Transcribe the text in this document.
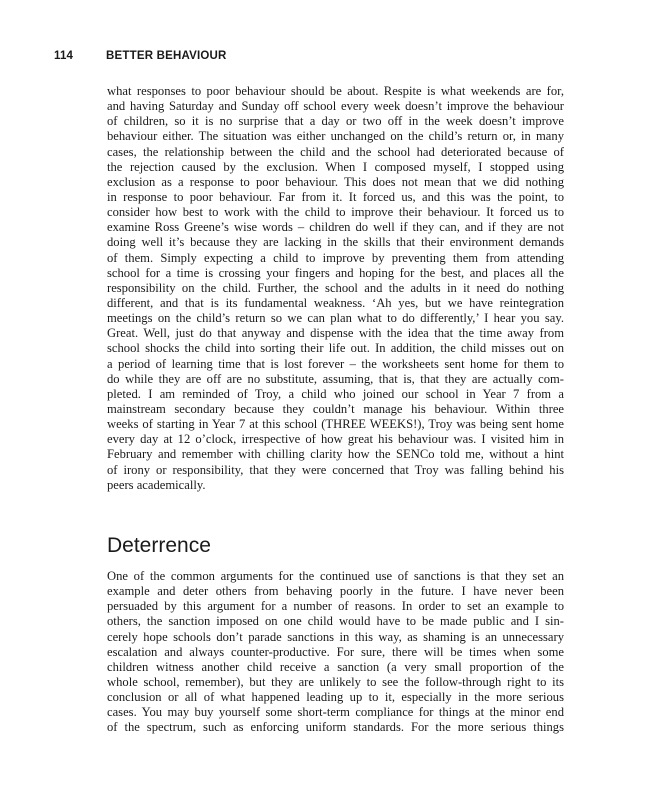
114	BETTER BEHAVIOUR
what responses to poor behaviour should be about. Respite is what weekends are for,
and having Saturday and Sunday off school every week doesn’t improve the behaviour
of children, so it is no surprise that a day or two off in the week doesn’t improve
behaviour either. The situation was either unchanged on the child’s return or, in many
cases, the relationship between the child and the school had deteriorated because of
the rejection caused by the exclusion. When I composed myself, I stopped using
exclusion as a response to poor behaviour. This does not mean that we did nothing
in response to poor behaviour. Far from it. It forced us, and this was the point, to
consider how best to work with the child to improve their behaviour. It forced us to
examine Ross Greene’s wise words – children do well if they can, and if they are not
doing well it’s because they are lacking in the skills that their environment demands
of them. Simply expecting a child to improve by preventing them from attending
school for a time is crossing your fingers and hoping for the best, and places all the
responsibility on the child. Further, the school and the adults in it need do nothing
different, and that is its fundamental weakness. ‘Ah yes, but we have reintegration
meetings on the child’s return so we can plan what to do differently,’ I hear you say.
Great. Well, just do that anyway and dispense with the idea that the time away from
school shocks the child into sorting their life out. In addition, the child misses out on
a period of learning time that is lost forever – the worksheets sent home for them to
do while they are off are no substitute, assuming, that is, that they are actually com-
pleted. I am reminded of Troy, a child who joined our school in Year 7 from a
mainstream secondary because they couldn’t manage his behaviour. Within three
weeks of starting in Year 7 at this school (THREE WEEKS!), Troy was being sent home
every day at 12 o’clock, irrespective of how great his behaviour was. I visited him in
February and remember with chilling clarity how the SENCo told me, without a hint
of irony or responsibility, that they were concerned that Troy was falling behind his
peers academically.
Deterrence
One of the common arguments for the continued use of sanctions is that they set an
example and deter others from behaving poorly in the future. I have never been
persuaded by this argument for a number of reasons. In order to set an example to
others, the sanction imposed on one child would have to be made public and I sin-
cerely hope schools don’t parade sanctions in this way, as shaming is an unnecessary
escalation and always counter-productive. For sure, there will be times when some
children witness another child receive a sanction (a very small proportion of the
whole school, remember), but they are unlikely to see the follow-through right to its
conclusion or all of what happened leading up to it, especially in the more serious
cases. You may buy yourself some short-term compliance for things at the minor end
of the spectrum, such as enforcing uniform standards. For the more serious things
